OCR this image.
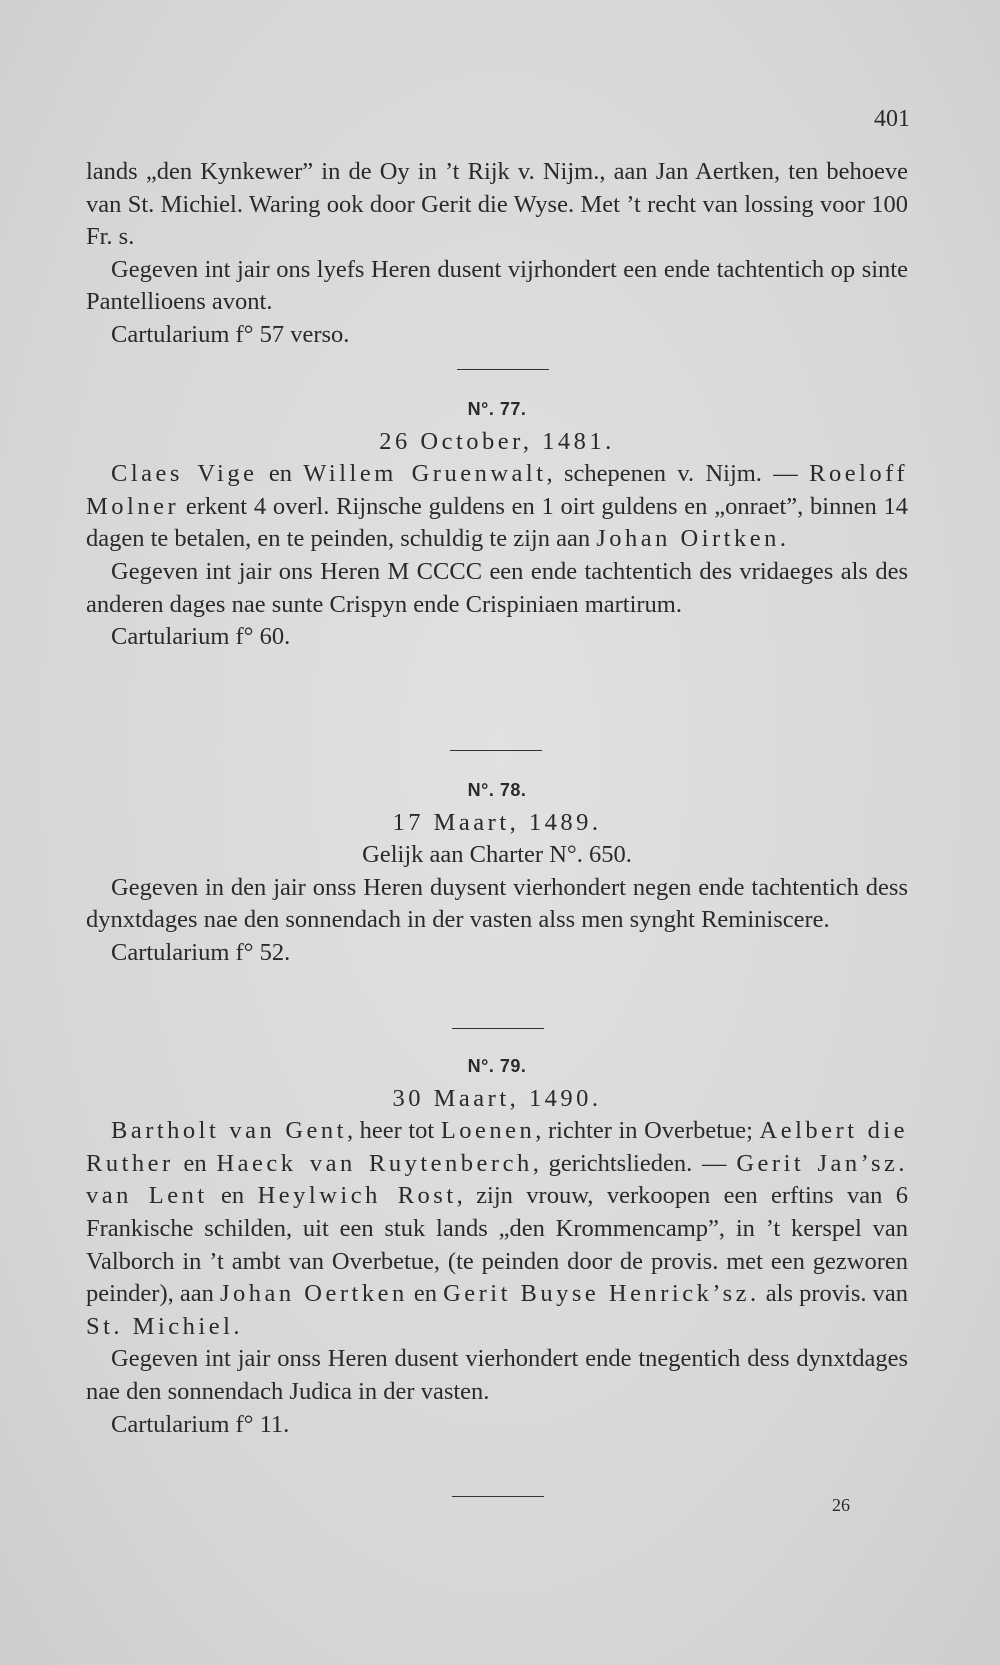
401

lands „den Kynkewer” in de Oy in ’t Rijk v. Nijm., aan Jan Aertken, ten behoeve van St. Michiel. Waring ook door Gerit die Wyse. Met ’t recht van lossing voor 100 Fr. s.

Gegeven int jair ons lyefs Heren dusent vijrhondert een ende tachtentich op sinte Pantellioens avont.

Cartularium f° 57 verso.

N°. 77.

26 October, 1481.

Claes Vige en Willem Gruenwalt, schepenen v. Nijm. — Roeloff Molner erkent 4 overl. Rijnsche guldens en 1 oirt guldens en „onraet”, binnen 14 dagen te betalen, en te peinden, schuldig te zijn aan Johan Oirtken.

Gegeven int jair ons Heren M CCCC een ende tachtentich des vridaeges als des anderen dages nae sunte Crispyn ende Crispiniaen martirum.

Cartularium f° 60.

N°. 78.

17 Maart, 1489.

Gelijk aan Charter N°. 650.

Gegeven in den jair onss Heren duysent vierhondert negen ende tachtentich dess dynxtdages nae den sonnendach in der vasten alss men synght Reminiscere.

Cartularium f° 52.

N°. 79.

30 Maart, 1490.

Bartholt van Gent, heer tot Loenen, richter in Overbetue; Aelbert die Ruther en Haeck van Ruytenberch, gerichtslieden. — Gerit Jan’sz. van Lent en Heylwich Rost, zijn vrouw, verkoopen een erftins van 6 Frankische schilden, uit een stuk lands „den Krommencamp”, in ’t kerspel van Valborch in ’t ambt van Overbetue, (te peinden door de provis. met een gezworen peinder), aan Johan Oertken en Gerit Buyse Henrick’sz. als provis. van St. Michiel.

Gegeven int jair onss Heren dusent vierhondert ende tnegentich dess dynxtdages nae den sonnendach Judica in der vasten.

Cartularium f° 11.

26
